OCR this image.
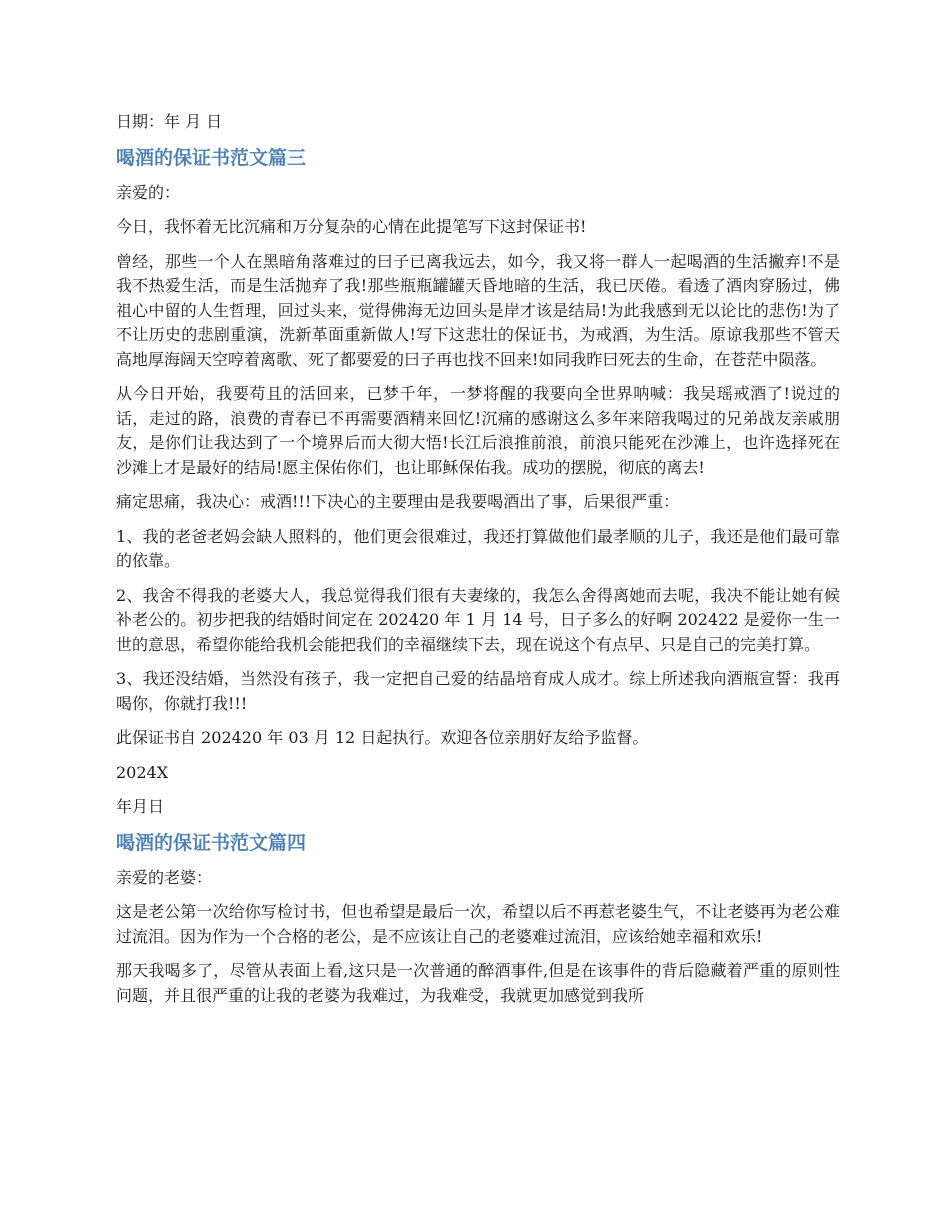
日期：年 月 日

喝酒的保证书范文篇三

亲爱的：

今日，我怀着无比沉痛和万分复杂的心情在此提笔写下这封保证书!

曾经，那些一个人在黑暗角落难过的曰子已离我远去，如今，我又将一群人一起喝酒的生活撇弃!不是我不热爱生活，而是生活抛弃了我!那些瓶瓶罐罐天昏地暗的生活，我已厌倦。看透了酒肉穿肠过，佛祖心中留的人生哲理，回过头来，觉得佛海无边回头是岸才该是结局!为此我感到无以论比的悲伤!为了不让历史的悲剧重演，洗新革面重新做人!写下这悲壮的保证书，为戒酒，为生活。原谅我那些不管天高地厚海阔天空哼着离歌、死了都要爱的曰子再也找不回来!如同我昨曰死去的生命，在苍茫中陨落。

从今日开始，我要苟且的活回来，已梦千年，一梦将醒的我要向全世界呐喊：我吴瑶戒酒了!说过的话，走过的路，浪费的青春已不再需要酒精来回忆!沉痛的感谢这么多年来陪我喝过的兄弟战友亲戚朋友，是你们让我达到了一个境界后而大彻大悟!长江后浪推前浪，前浪只能死在沙滩上，也许选择死在沙滩上才是最好的结局!愿主保佑你们，也让耶稣保佑我。成功的摆脱，彻底的离去!

痛定思痛，我决心：戒酒!!!下决心的主要理由是我要喝酒出了事，后果很严重：

1、我的老爸老妈会缺人照料的，他们更会很难过，我还打算做他们最孝顺的儿子，我还是他们最可靠的依靠。

2、我舍不得我的老婆大人，我总觉得我们很有夫妻缘的，我怎么舍得离她而去呢，我决不能让她有候补老公的。初步把我的结婚时间定在 202420 年 1 月 14 号，日子多么的好啊 202422 是爱你一生一世的意思，希望你能给我机会能把我们的幸福继续下去，现在说这个有点早、只是自己的完美打算。

3、我还没结婚，当然没有孩子，我一定把自己爱的结晶培育成人成才。综上所述我向酒瓶宣誓：我再喝你，你就打我!!!

此保证书自 202420 年 03 月 12 日起执行。欢迎各位亲朋好友给予监督。

2024X

年月日

喝酒的保证书范文篇四

亲爱的老婆：

这是老公第一次给你写检讨书，但也希望是最后一次，希望以后不再惹老婆生气，不让老婆再为老公难过流泪。因为作为一个合格的老公，是不应该让自己的老婆难过流泪，应该给她幸福和欢乐!

那天我喝多了，尽管从表面上看,这只是一次普通的醉酒事件,但是在该事件的背后隐藏着严重的原则性问题，并且很严重的让我的老婆为我难过，为我难受，我就更加感觉到我所
